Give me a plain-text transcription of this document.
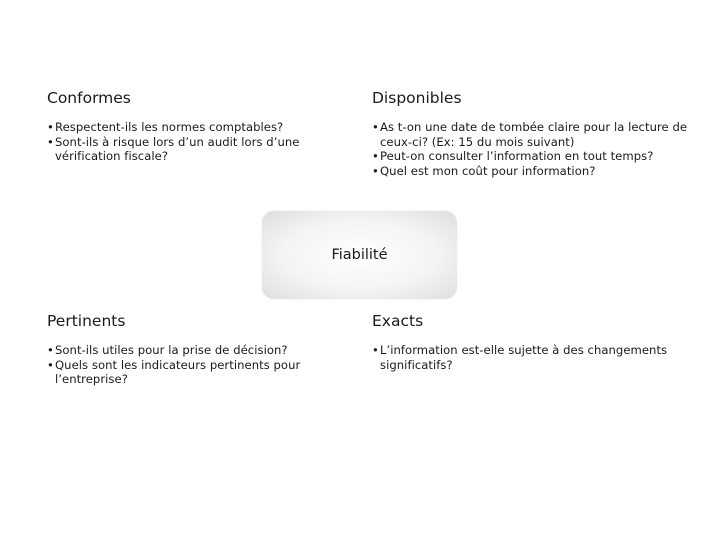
Conformes
• Respectent-ils les normes comptables?
• Sont-ils à risque lors d’un audit lors d’une vérification fiscale?
Disponibles
• As t-on une date de tombée claire pour la lecture de ceux-ci? (Ex: 15 du mois suivant)
• Peut-on consulter l’information en tout temps?
• Quel est mon coût pour information?
Fiabilité
Pertinents
• Sont-ils utiles pour la prise de décision?
• Quels sont les indicateurs pertinents pour l’entreprise?
Exacts
• L’information est-elle sujette à des changements significatifs?
